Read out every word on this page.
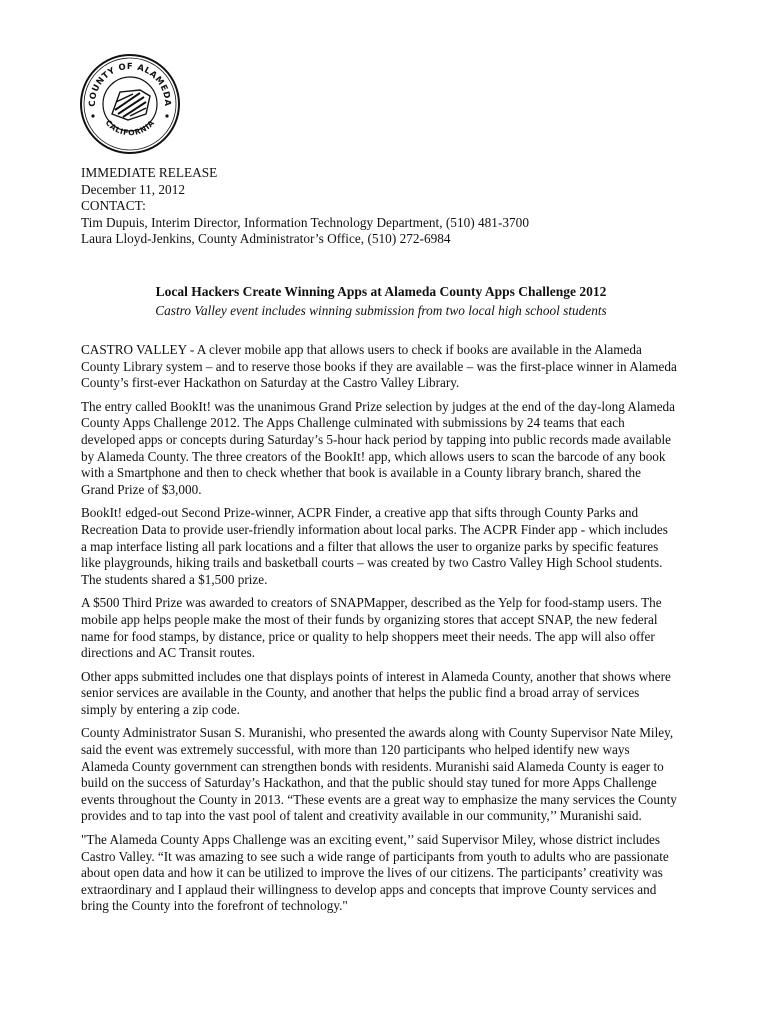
COUNTY OF ALAMEDA
CALIFORNIA
IMMEDIATE RELEASE
December 11, 2012
CONTACT:
Tim Dupuis, Interim Director, Information Technology Department, (510) 481-3700
Laura Lloyd-Jenkins, County Administrator’s Office, (510) 272-6984
Local Hackers Create Winning Apps at Alameda County Apps Challenge 2012
Castro Valley event includes winning submission from two local high school students

CASTRO VALLEY - A clever mobile app that allows users to check if books are available in the Alameda County Library system – and to reserve those books if they are available – was the first-place winner in Alameda County’s first-ever Hackathon on Saturday at the Castro Valley Library.

The entry called BookIt! was the unanimous Grand Prize selection by judges at the end of the day-long Alameda County Apps Challenge 2012. The Apps Challenge culminated with submissions by 24 teams that each developed apps or concepts during Saturday’s 5-hour hack period by tapping into public records made available by Alameda County. The three creators of the BookIt! app, which allows users to scan the barcode of any book with a Smartphone and then to check whether that book is available in a County library branch, shared the Grand Prize of $3,000.

BookIt! edged-out Second Prize-winner, ACPR Finder, a creative app that sifts through County Parks and Recreation Data to provide user-friendly information about local parks. The ACPR Finder app - which includes a map interface listing all park locations and a filter that allows the user to organize parks by specific features like playgrounds, hiking trails and basketball courts – was created by two Castro Valley High School students. The students shared a $1,500 prize.

A $500 Third Prize was awarded to creators of SNAPMapper, described as the Yelp for food-stamp users. The mobile app helps people make the most of their funds by organizing stores that accept SNAP, the new federal name for food stamps, by distance, price or quality to help shoppers meet their needs. The app will also offer directions and AC Transit routes.

Other apps submitted includes one that displays points of interest in Alameda County, another that shows where senior services are available in the County, and another that helps the public find a broad array of services simply by entering a zip code.

County Administrator Susan S. Muranishi, who presented the awards along with County Supervisor Nate Miley, said the event was extremely successful, with more than 120 participants who helped identify new ways Alameda County government can strengthen bonds with residents. Muranishi said Alameda County is eager to build on the success of Saturday’s Hackathon, and that the public should stay tuned for more Apps Challenge events throughout the County in 2013. “These events are a great way to emphasize the many services the County provides and to tap into the vast pool of talent and creativity available in our community,’’ Muranishi said.

"The Alameda County Apps Challenge was an exciting event,’’ said Supervisor Miley, whose district includes Castro Valley. “It was amazing to see such a wide range of participants from youth to adults who are passionate about open data and how it can be utilized to improve the lives of our citizens. The participants’ creativity was extraordinary and I applaud their willingness to develop apps and concepts that improve County services and bring the County into the forefront of technology."
